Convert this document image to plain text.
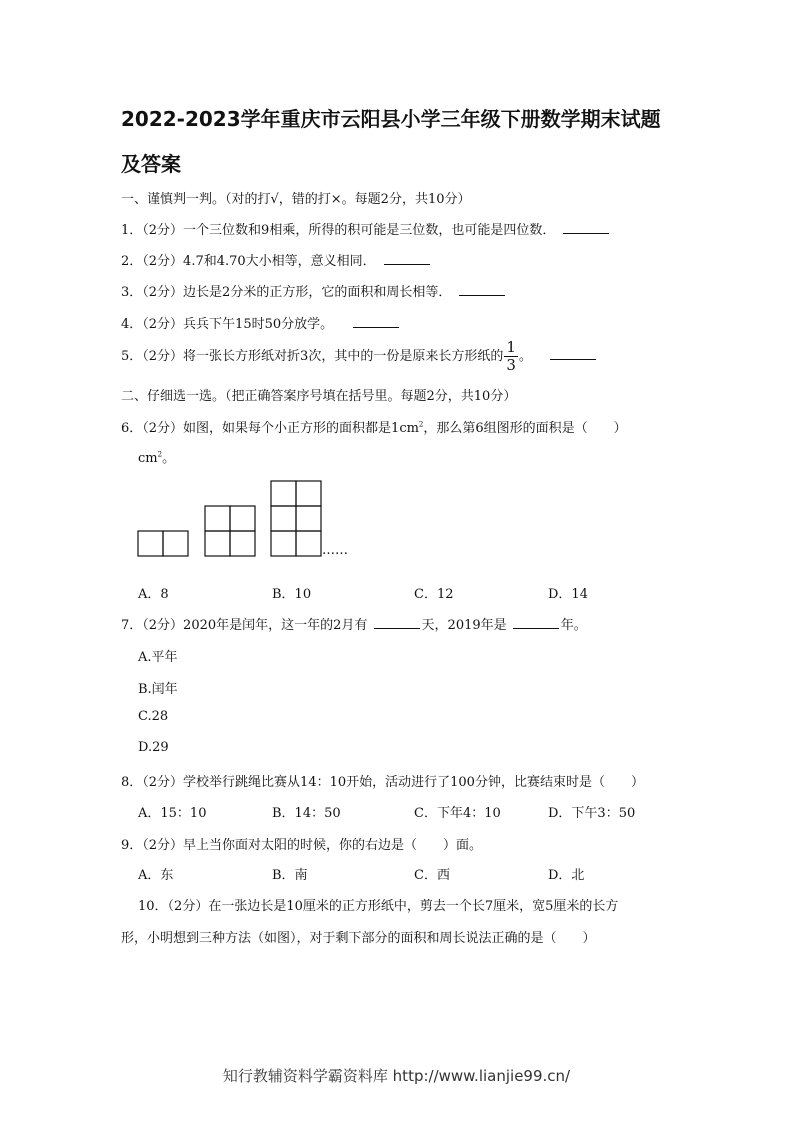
2022-2023学年重庆市云阳县小学三年级下册数学期末试题
及答案
一、谨慎判一判。（对的打√，错的打×。每题2分，共10分）
1．（2分）一个三位数和9相乘，所得的积可能是三位数，也可能是四位数．
2．（2分）4.7和4.70大小相等，意义相同．
3．（2分）边长是2分米的正方形，它的面积和周长相等．
4．（2分）兵兵下午15时50分放学。
5．（2分）将一张长方形纸对折3次，其中的一份是原来长方形纸的 $\frac{1}{3}$ 。
二、仔细选一选。（把正确答案序号填在括号里。每题2分，共10分）
6．（2分）如图，如果每个小正方形的面积都是$1cm^2$，那么第6组图形的面积是（　　）
$cm^2$。
……
A．8	B．10	C．12	D．14
7．（2分）2020年是闰年，这一年的2月有	天，2019年是	年。
A.平年
B.闰年
C.28
D.29
8．（2分）学校举行跳绳比赛从14：10开始，活动进行了100分钟，比赛结束时是（　　）
A．15：10	B．14：50	C．下年4：10	D．下午3：50
9．（2分）早上当你面对太阳的时候，你的右边是（　　）面。
A．东	B．南	C．西	D．北
10．（2分）在一张边长是10厘米的正方形纸中，剪去一个长7厘米，宽5厘米的长方
形，小明想到三种方法（如图），对于剩下部分的面积和周长说法正确的是（　　）
知行教辅资料学霸资料库 http://www.lianjie99.cn/
